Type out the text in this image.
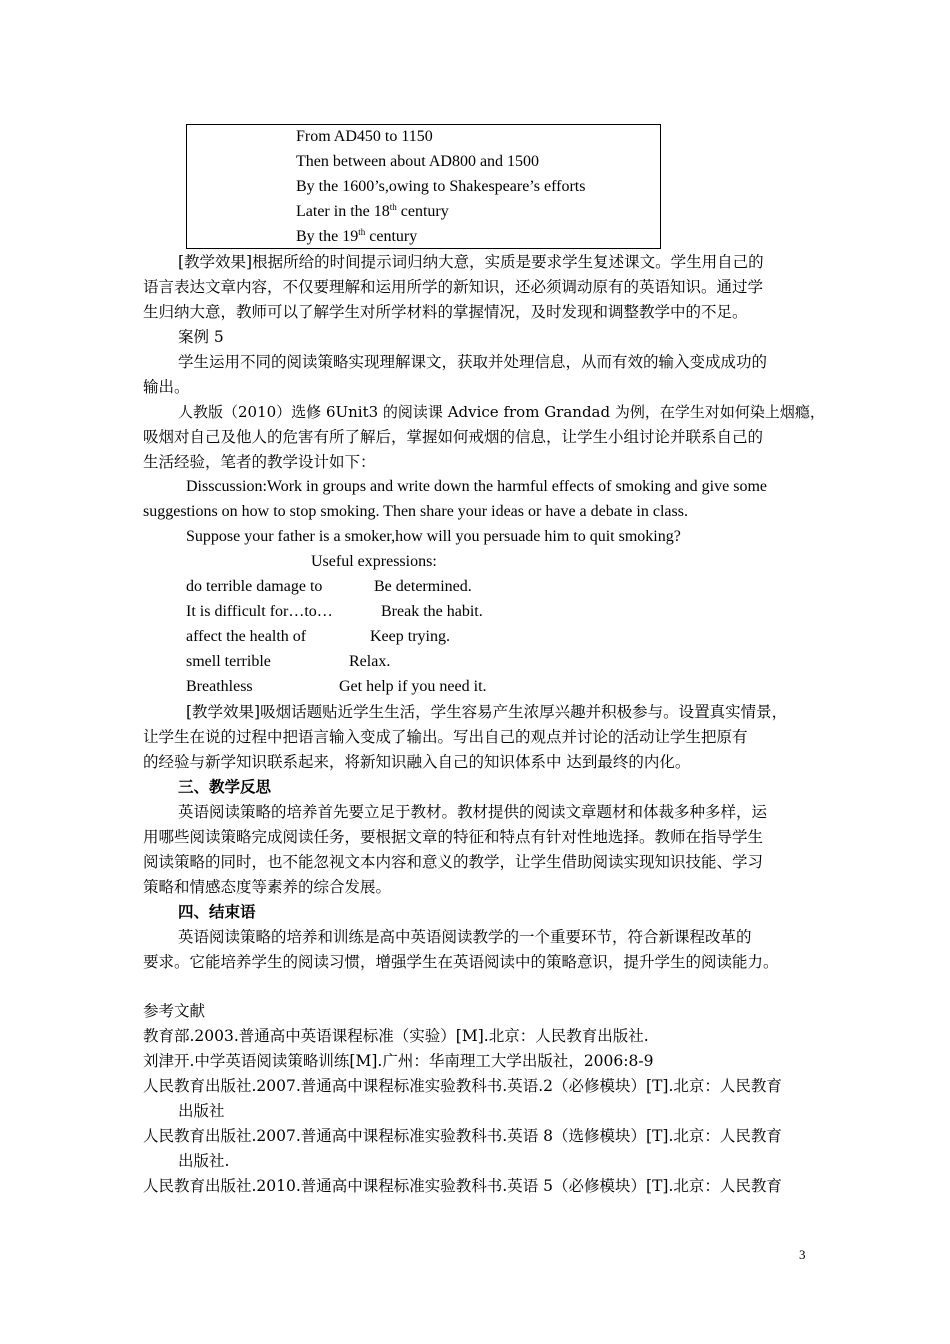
From AD450 to 1150
Then between about AD800 and 1500
By the 1600’s,owing to Shakespeare’s efforts
Later in the 18th century
By the 19th century
[教学效果]根据所给的时间提示词归纳大意，实质是要求学生复述课文。学生用自己的
语言表达文章内容，不仅要理解和运用所学的新知识，还必须调动原有的英语知识。通过学
生归纳大意，教师可以了解学生对所学材料的掌握情况，及时发现和调整教学中的不足。
案例 5
学生运用不同的阅读策略实现理解课文，获取并处理信息，从而有效的输入变成成功的
输出。
人教版（2010）选修 6Unit3 的阅读课 Advice from Grandad 为例，在学生对如何染上烟瘾，
吸烟对自己及他人的危害有所了解后，掌握如何戒烟的信息，让学生小组讨论并联系自己的
生活经验，笔者的教学设计如下：
Disscussion:Work in groups and write down the harmful effects of smoking and give some
suggestions on how to stop smoking. Then share your ideas or have a debate in class.
Suppose your father is a smoker,how will you persuade him to quit smoking?
Useful expressions:
do terrible damage to	Be determined.
It is difficult for…to…	Break the habit.
affect the health of	Keep trying.
smell terrible	Relax.
Breathless	Get help if you need it.
[教学效果]吸烟话题贴近学生生活，学生容易产生浓厚兴趣并积极参与。设置真实情景，
让学生在说的过程中把语言输入变成了输出。写出自己的观点并讨论的活动让学生把原有
的经验与新学知识联系起来，将新知识融入自己的知识体系中 达到最终的内化。
三、教学反思
英语阅读策略的培养首先要立足于教材。教材提供的阅读文章题材和体裁多种多样，运
用哪些阅读策略完成阅读任务，要根据文章的特征和特点有针对性地选择。教师在指导学生
阅读策略的同时，也不能忽视文本内容和意义的教学，让学生借助阅读实现知识技能、学习
策略和情感态度等素养的综合发展。
四、结束语
英语阅读策略的培养和训练是高中英语阅读教学的一个重要环节，符合新课程改革的
要求。它能培养学生的阅读习惯，增强学生在英语阅读中的策略意识，提升学生的阅读能力。
参考文献
教育部.2003.普通高中英语课程标准（实验）[M].北京：人民教育出版社.
刘津开.中学英语阅读策略训练[M].广州：华南理工大学出版社，2006:8-9
人民教育出版社.2007.普通高中课程标准实验教科书.英语.2（必修模块）[T].北京：人民教育
出版社
人民教育出版社.2007.普通高中课程标准实验教科书.英语 8（选修模块）[T].北京：人民教育
出版社.
人民教育出版社.2010.普通高中课程标准实验教科书.英语 5（必修模块）[T].北京：人民教育
3
